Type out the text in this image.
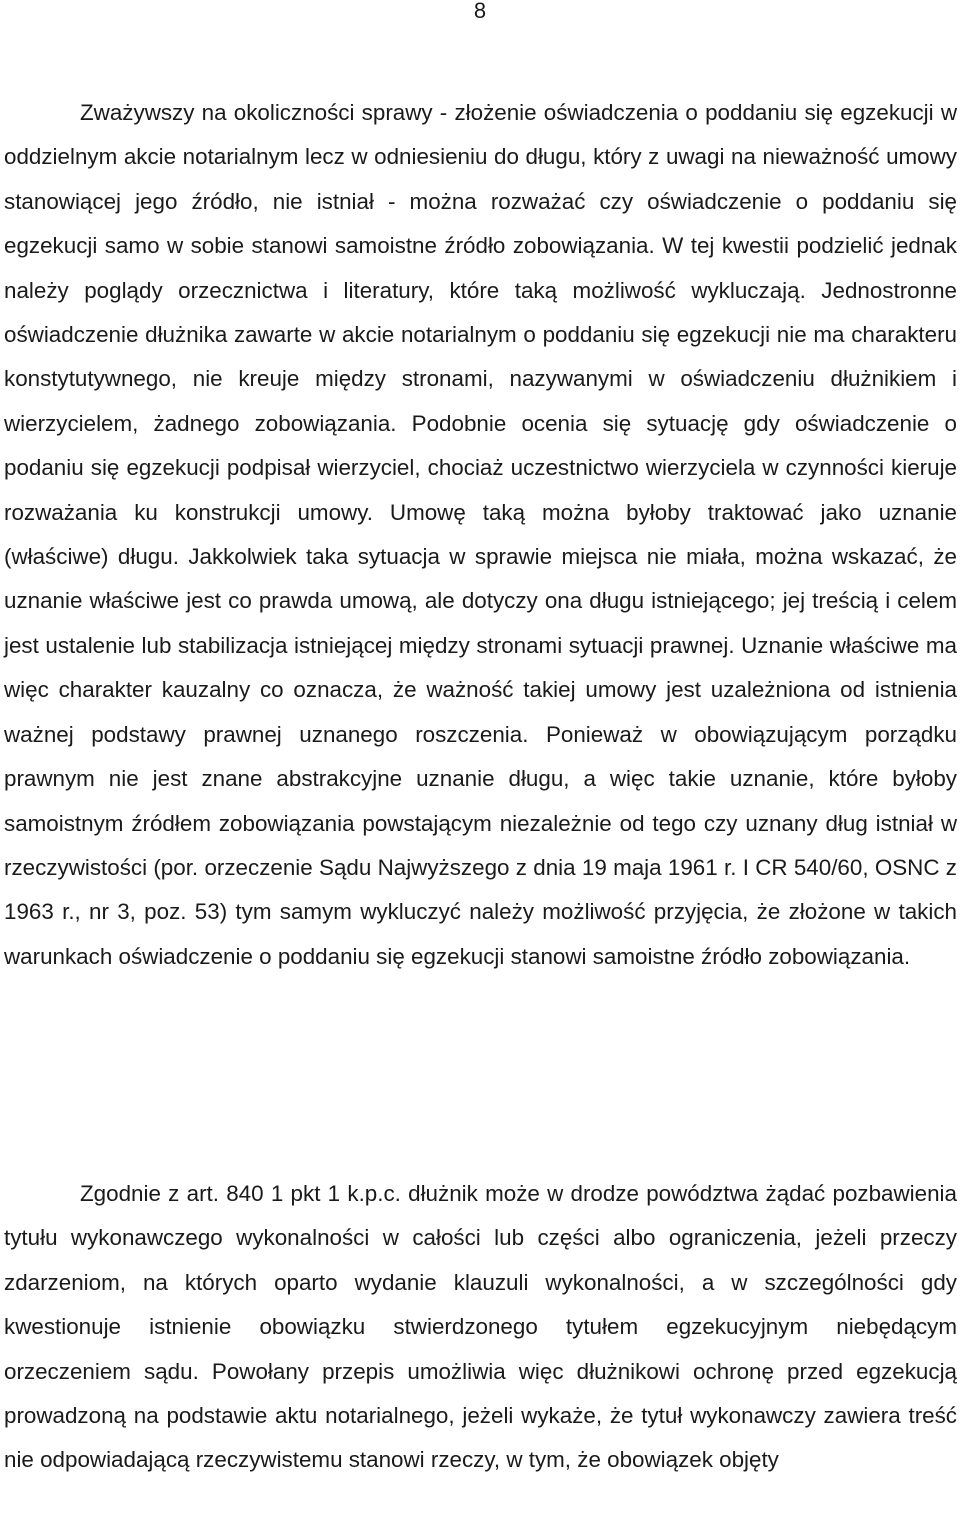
8

Zważywszy na okoliczności sprawy - złożenie oświadczenia o poddaniu się egzekucji w oddzielnym akcie notarialnym lecz w odniesieniu do długu, który z uwagi na nieważność umowy stanowiącej jego źródło, nie istniał - można rozważać czy oświadczenie o poddaniu się egzekucji samo w sobie stanowi samoistne źródło zobowiązania. W tej kwestii podzielić jednak należy poglądy orzecznictwa i literatury, które taką możliwość wykluczają. Jednostronne oświadczenie dłużnika zawarte w akcie notarialnym o poddaniu się egzekucji nie ma charakteru konstytutywnego, nie kreuje między stronami, nazywanymi w oświadczeniu dłużnikiem i wierzycielem, żadnego zobowiązania. Podobnie ocenia się sytuację gdy oświadczenie o podaniu się egzekucji podpisał wierzyciel, chociaż uczestnictwo wierzyciela w czynności kieruje rozważania ku konstrukcji umowy. Umowę taką można byłoby traktować jako uznanie (właściwe) długu. Jakkolwiek taka sytuacja w sprawie miejsca nie miała, można wskazać, że uznanie właściwe jest co prawda umową, ale dotyczy ona długu istniejącego; jej treścią i celem jest ustalenie lub stabilizacja istniejącej między stronami sytuacji prawnej. Uznanie właściwe ma więc charakter kauzalny co oznacza, że ważność takiej umowy jest uzależniona od istnienia ważnej podstawy prawnej uznanego roszczenia. Ponieważ w obowiązującym porządku prawnym nie jest znane abstrakcyjne uznanie długu, a więc takie uznanie, które byłoby samoistnym źródłem zobowiązania powstającym niezależnie od tego czy uznany dług istniał w rzeczywistości (por. orzeczenie Sądu Najwyższego z dnia 19 maja 1961 r. I CR 540/60, OSNC z 1963 r., nr 3, poz. 53) tym samym wykluczyć należy możliwość przyjęcia, że złożone w takich warunkach oświadczenie o poddaniu się egzekucji stanowi samoistne źródło zobowiązania.

Zgodnie z art. 840 1 pkt 1 k.p.c. dłużnik może w drodze powództwa żądać pozbawienia tytułu wykonawczego wykonalności w całości lub części albo ograniczenia, jeżeli przeczy zdarzeniom, na których oparto wydanie klauzuli wykonalności, a w szczególności gdy kwestionuje istnienie obowiązku stwierdzonego tytułem egzekucyjnym niebędącym orzeczeniem sądu. Powołany przepis umożliwia więc dłużnikowi ochronę przed egzekucją prowadzoną na podstawie aktu notarialnego, jeżeli wykaże, że tytuł wykonawczy zawiera treść nie odpowiadającą rzeczywistemu stanowi rzeczy, w tym, że obowiązek objęty
